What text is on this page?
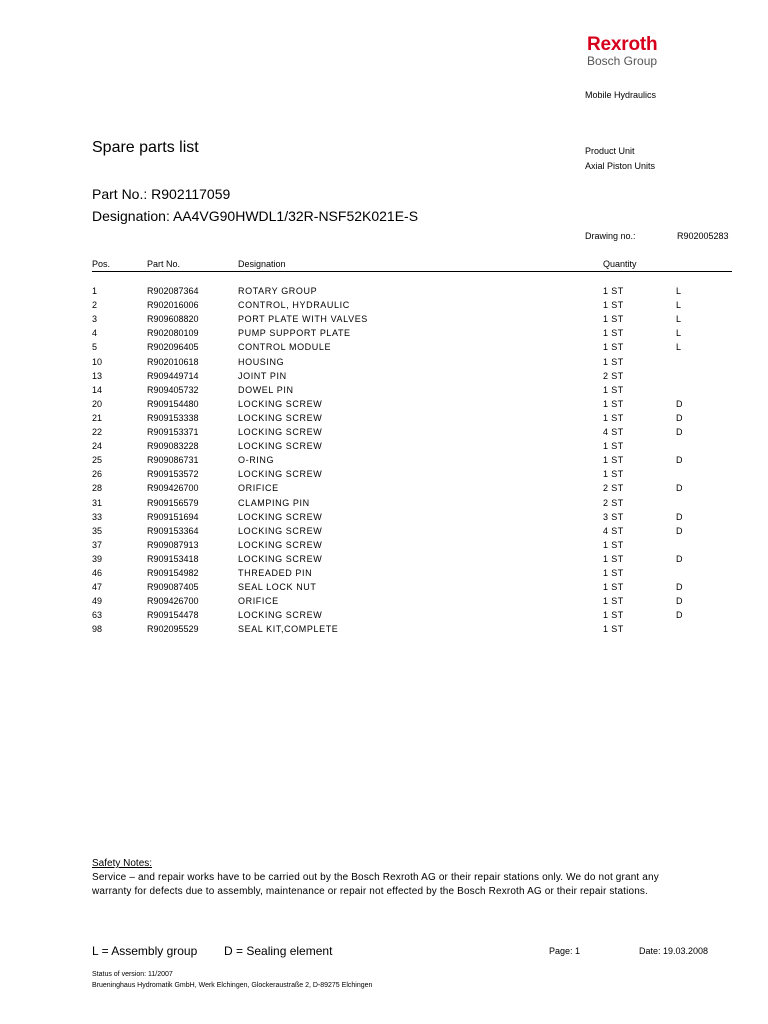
Rexroth
Bosch Group
Mobile Hydraulics
Spare parts list	Product Unit
Axial Piston Units
Part No.: R902117059
Designation: AA4VG90HWDL1/32R-NSF52K021E-S
Drawing no.:	R902005283
Pos.	Part No.	Designation	Quantity
1	R902087364	ROTARY GROUP	1 ST	L
2	R902016006	CONTROL, HYDRAULIC	1 ST	L
3	R909608820	PORT PLATE WITH VALVES	1 ST	L
4	R902080109	PUMP SUPPORT PLATE	1 ST	L
5	R902096405	CONTROL MODULE	1 ST	L
10	R902010618	HOUSING	1 ST
13	R909449714	JOINT PIN	2 ST
14	R909405732	DOWEL PIN	1 ST
20	R909154480	LOCKING SCREW	1 ST	D
21	R909153338	LOCKING SCREW	1 ST	D
22	R909153371	LOCKING SCREW	4 ST	D
24	R909083228	LOCKING SCREW	1 ST
25	R909086731	O-RING	1 ST	D
26	R909153572	LOCKING SCREW	1 ST
28	R909426700	ORIFICE	2 ST	D
31	R909156579	CLAMPING PIN	2 ST
33	R909151694	LOCKING SCREW	3 ST	D
35	R909153364	LOCKING SCREW	4 ST	D
37	R909087913	LOCKING SCREW	1 ST
39	R909153418	LOCKING SCREW	1 ST	D
46	R909154982	THREADED PIN	1 ST
47	R909087405	SEAL LOCK NUT	1 ST	D
49	R909426700	ORIFICE	1 ST	D
63	R909154478	LOCKING SCREW	1 ST	D
98	R902095529	SEAL KIT,COMPLETE	1 ST
Safety Notes:
Service – and repair works have to be carried out by the Bosch Rexroth AG or their repair stations only. We do not grant any
warranty for defects due to assembly, maintenance or repair not effected by the Bosch Rexroth AG or their repair stations.
L = Assembly group D = Sealing element	Page: 1	Date: 19.03.2008
Status of version: 11/2007
Brueninghaus Hydromatik GmbH, Werk Elchingen, Glockeraustraße 2, D-89275 Elchingen
